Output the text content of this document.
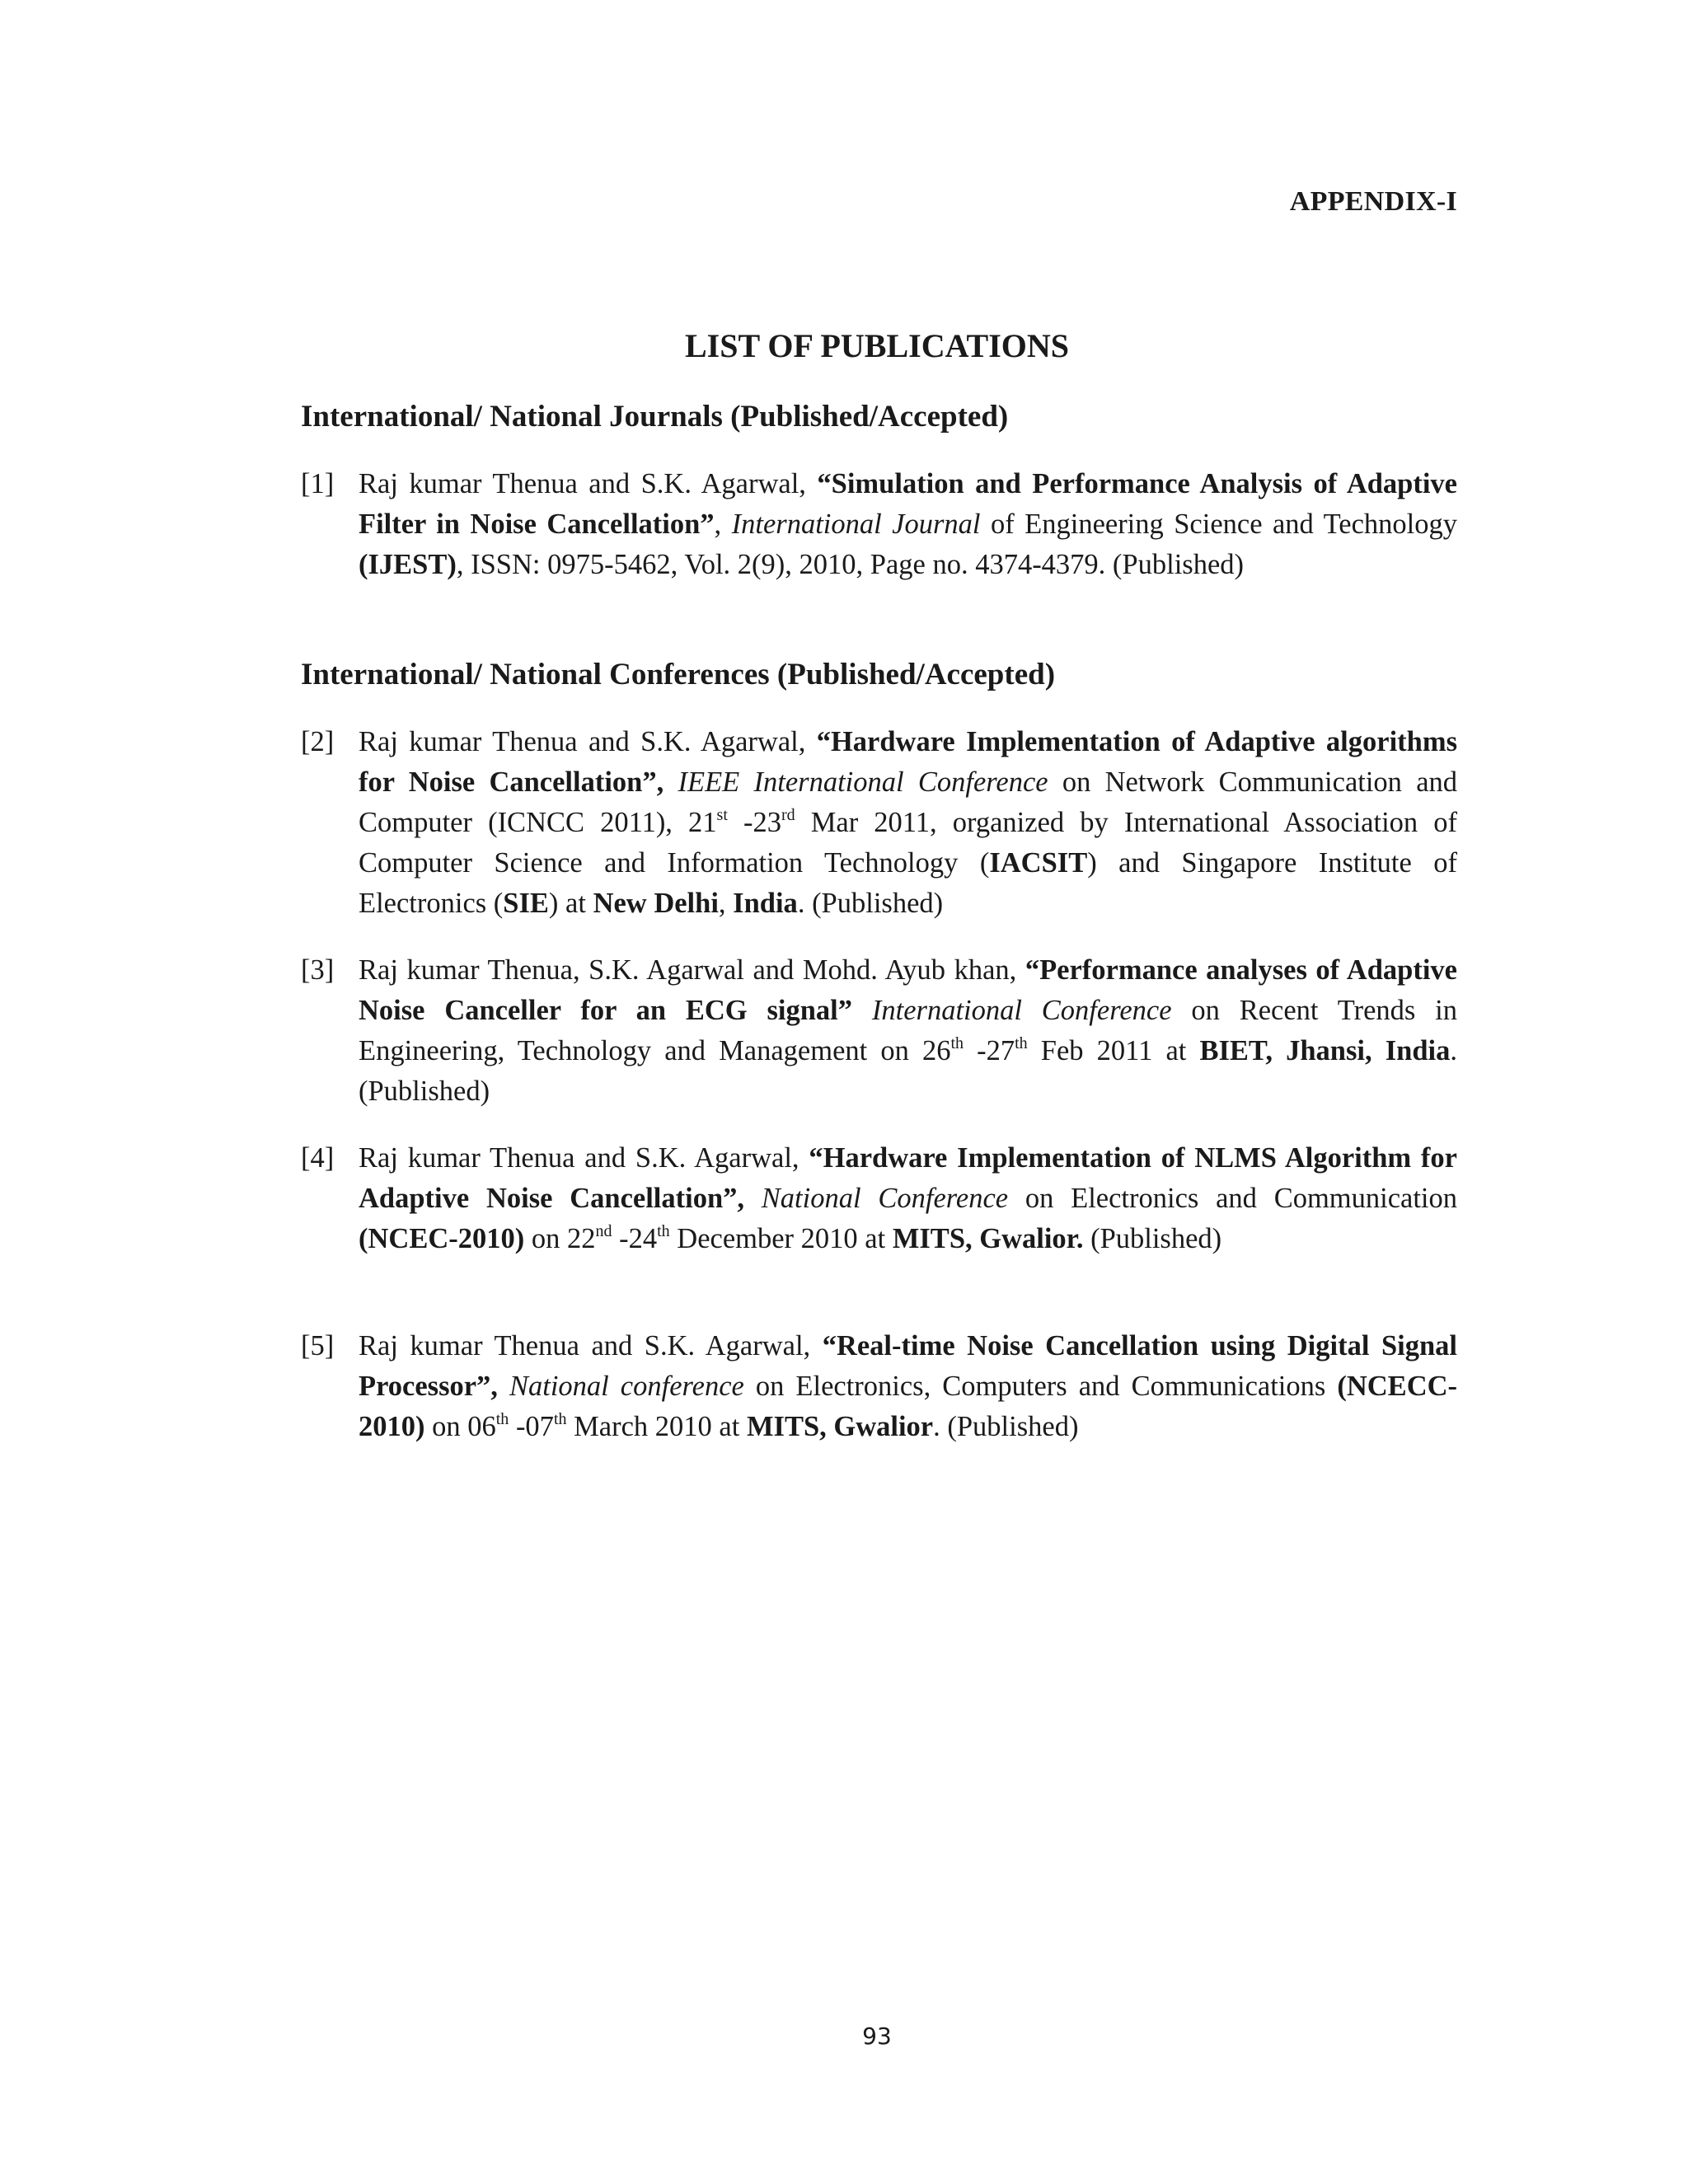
APPENDIX-I
LIST OF PUBLICATIONS
International/ National Journals (Published/Accepted)
[1] Raj kumar Thenua and S.K. Agarwal, “Simulation and Performance Analysis of Adaptive Filter in Noise Cancellation”, International Journal of Engineering Science and Technology (IJEST), ISSN: 0975-5462, Vol. 2(9), 2010, Page no. 4374-4379. (Published)
International/ National Conferences (Published/Accepted)
[2] Raj kumar Thenua and S.K. Agarwal, “Hardware Implementation of Adaptive algorithms for Noise Cancellation”, IEEE International Conference on Network Communication and Computer (ICNCC 2011), 21st -23rd Mar 2011, organized by International Association of Computer Science and Information Technology (IACSIT) and Singapore Institute of Electronics (SIE) at New Delhi, India. (Published)
[3] Raj kumar Thenua, S.K. Agarwal and Mohd. Ayub khan, “Performance analyses of Adaptive Noise Canceller for an ECG signal” International Conference on Recent Trends in Engineering, Technology and Management on 26th -27th Feb 2011 at BIET, Jhansi, India. (Published)
[4] Raj kumar Thenua and S.K. Agarwal, “Hardware Implementation of NLMS Algorithm for Adaptive Noise Cancellation”, National Conference on Electronics and Communication (NCEC-2010) on 22nd -24th December 2010 at MITS, Gwalior. (Published)
[5] Raj kumar Thenua and S.K. Agarwal, “Real-time Noise Cancellation using Digital Signal Processor”, National conference on Electronics, Computers and Communications (NCECC-2010) on 06th -07th March 2010 at MITS, Gwalior. (Published)
93
